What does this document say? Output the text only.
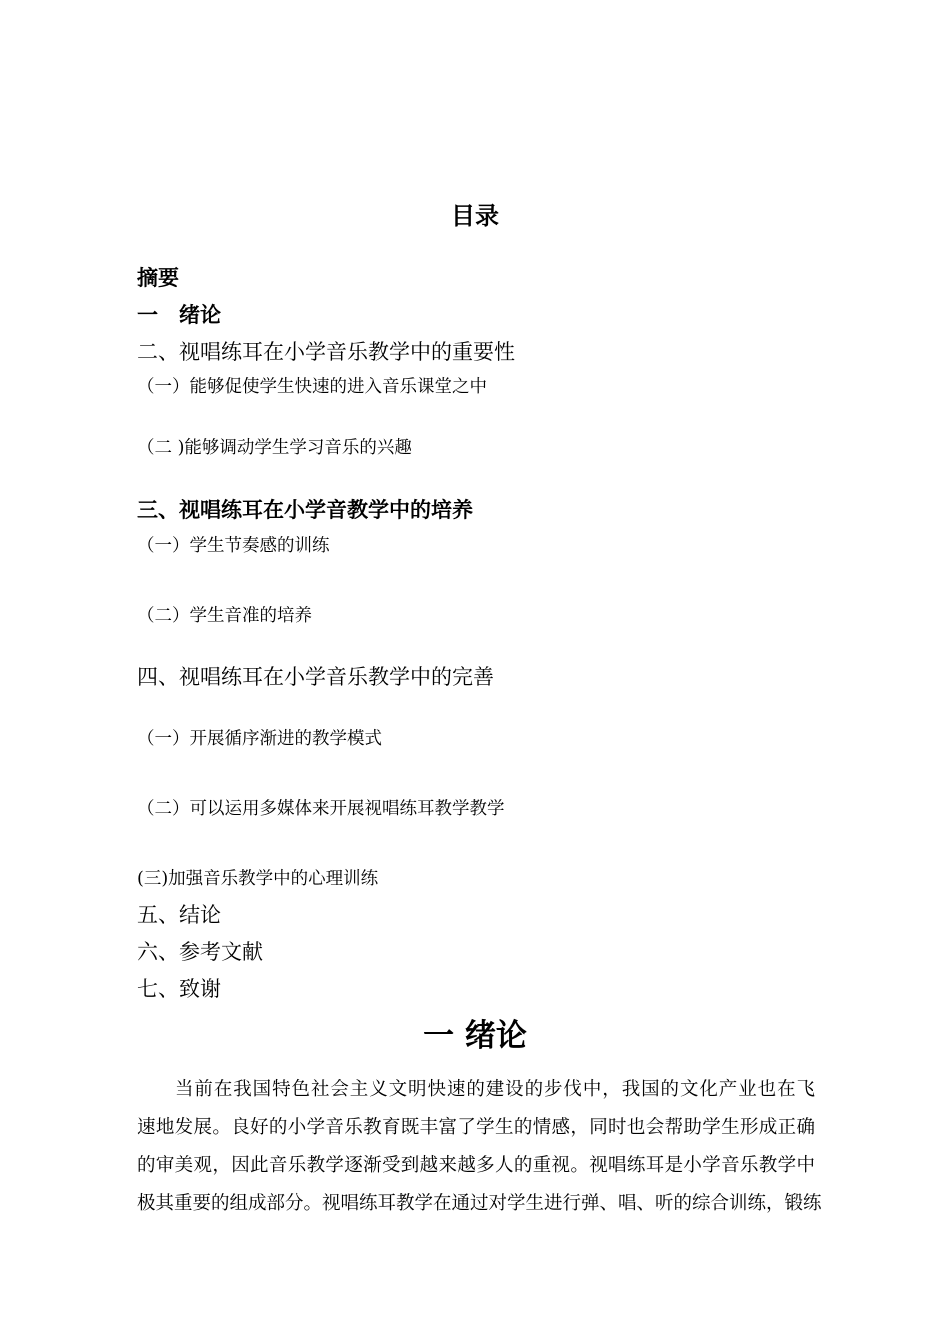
目录
摘要
一　绪论
二、视唱练耳在小学音乐教学中的重要性
（一）能够促使学生快速的进入音乐课堂之中
（二 )能够调动学生学习音乐的兴趣
三、视唱练耳在小学音教学中的培养
（一）学生节奏感的训练
（二）学生音准的培养
四、视唱练耳在小学音乐教学中的完善
（一）开展循序渐进的教学模式
（二）可以运用多媒体来开展视唱练耳教学教学
(三)加强音乐教学中的心理训练
五、结论
六、参考文献
七、致谢
一 绪论
当前在我国特色社会主义文明快速的建设的步伐中，我国的文化产业也在飞
速地发展。良好的小学音乐教育既丰富了学生的情感，同时也会帮助学生形成正确
的审美观，因此音乐教学逐渐受到越来越多人的重视。视唱练耳是小学音乐教学中
极其重要的组成部分。视唱练耳教学在通过对学生进行弹、唱、听的综合训练，锻练
